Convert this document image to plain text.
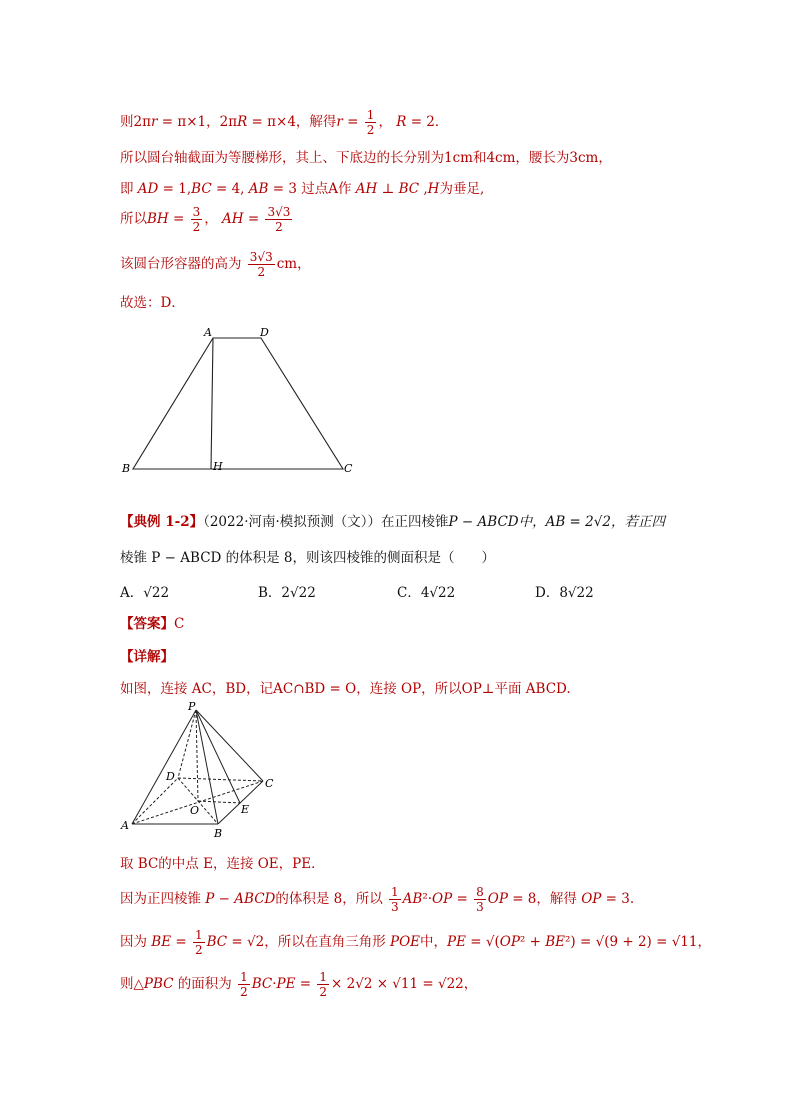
则2πr = π×1，2πR = π×4，解得$r = \frac{1}{2}$ ， R = 2．
所以圆台轴截面为等腰梯形，其上、下底边的长分别为1cm和4cm，腰长为3cm，
即 AD = 1,BC = 4, AB = 3 过点A作 AH ⊥ BC ,H为垂足,
所以BH = $\frac{3}{2}$ ， AH = $\frac{3√3}{2}$
该圆台形容器的高为 $\frac{3√3}{2}$ cm，
故选：D．
A	D
B	H	C
【典例 1-2】（2022·河南·模拟预测（文））在正四棱锥P − ABCD中，AB = 2√2，若正四
棱锥 P − ABCD 的体积是 8，则该四棱锥的侧面积是（　　）
A．√22	B．2√22	C．4√22	D．8√22
【答案】C
【详解】
如图，连接 AC，BD，记AC∩BD = O，连接 OP，所以OP⊥平面 ABCD.
P
D
C
O	E
A
B
取 BC的中点 E，连接 OE，PE．
因为正四棱锥 P − ABCD的体积是 8，所以 $\frac{1}{3} AB^2\cdot OP = \frac{8}{3}$ OP = 8，解得 OP = 3.
因为 BE = $\frac{1}{2}$ BC = √2，所以在直角三角形 POE中，PE = √(OP² + BE²) = √(9 + 2) = √11，
则△PBC 的面积为 $\frac{1}{2} BC\cdot PE = \frac{1}{2} \times 2√2 \times √11 = √22$，
